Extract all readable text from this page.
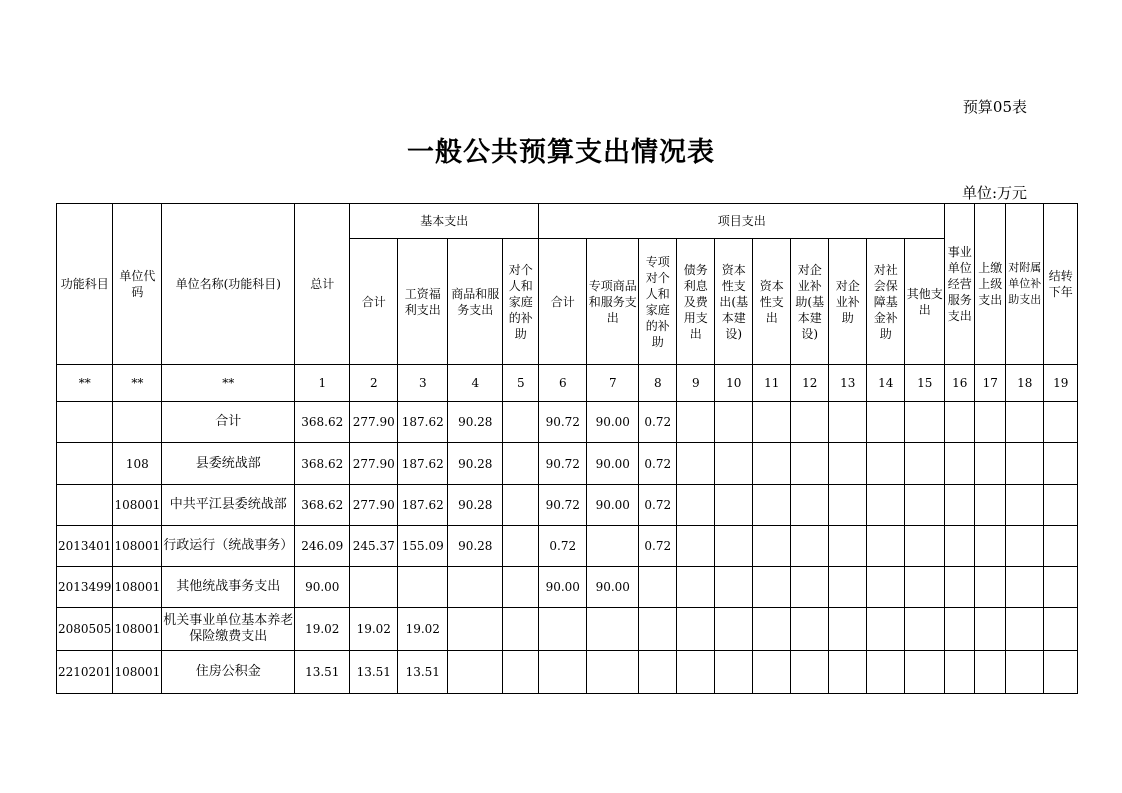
预算05表
一般公共预算支出情况表
单位:万元
功能科目	单位代码	单位名称(功能科目)	总计	基本支出				项目支出										事业单位经营服务支出	上缴上级支出	对附属单位补助支出	结转下年
				合计	工资福利支出	商品和服务支出	对个人和家庭的补助	合计	专项商品和服务支出	专项对个人和家庭的补助	债务利息及费用支出	资本性支出(基本建设)	资本性支出	对企业补助(基本建设)	对企业补助	对社会保障基金补助	其他支出				
**	**	**	1	2	3	4	5	6	7	8	9	10	11	12	13	14	15	16	17	18	19
		合计	368.62	277.90	187.62	90.28		90.72	90.00	0.72											
	108	县委统战部	368.62	277.90	187.62	90.28		90.72	90.00	0.72											
	108001	中共平江县委统战部	368.62	277.90	187.62	90.28		90.72	90.00	0.72											
2013401	108001	行政运行（统战事务）	246.09	245.37	155.09	90.28		0.72		0.72											
2013499	108001	其他统战事务支出	90.00					90.00	90.00												
2080505	108001	机关事业单位基本养老保险缴费支出	19.02	19.02	19.02																
2210201	108001	住房公积金	13.51	13.51	13.51																
